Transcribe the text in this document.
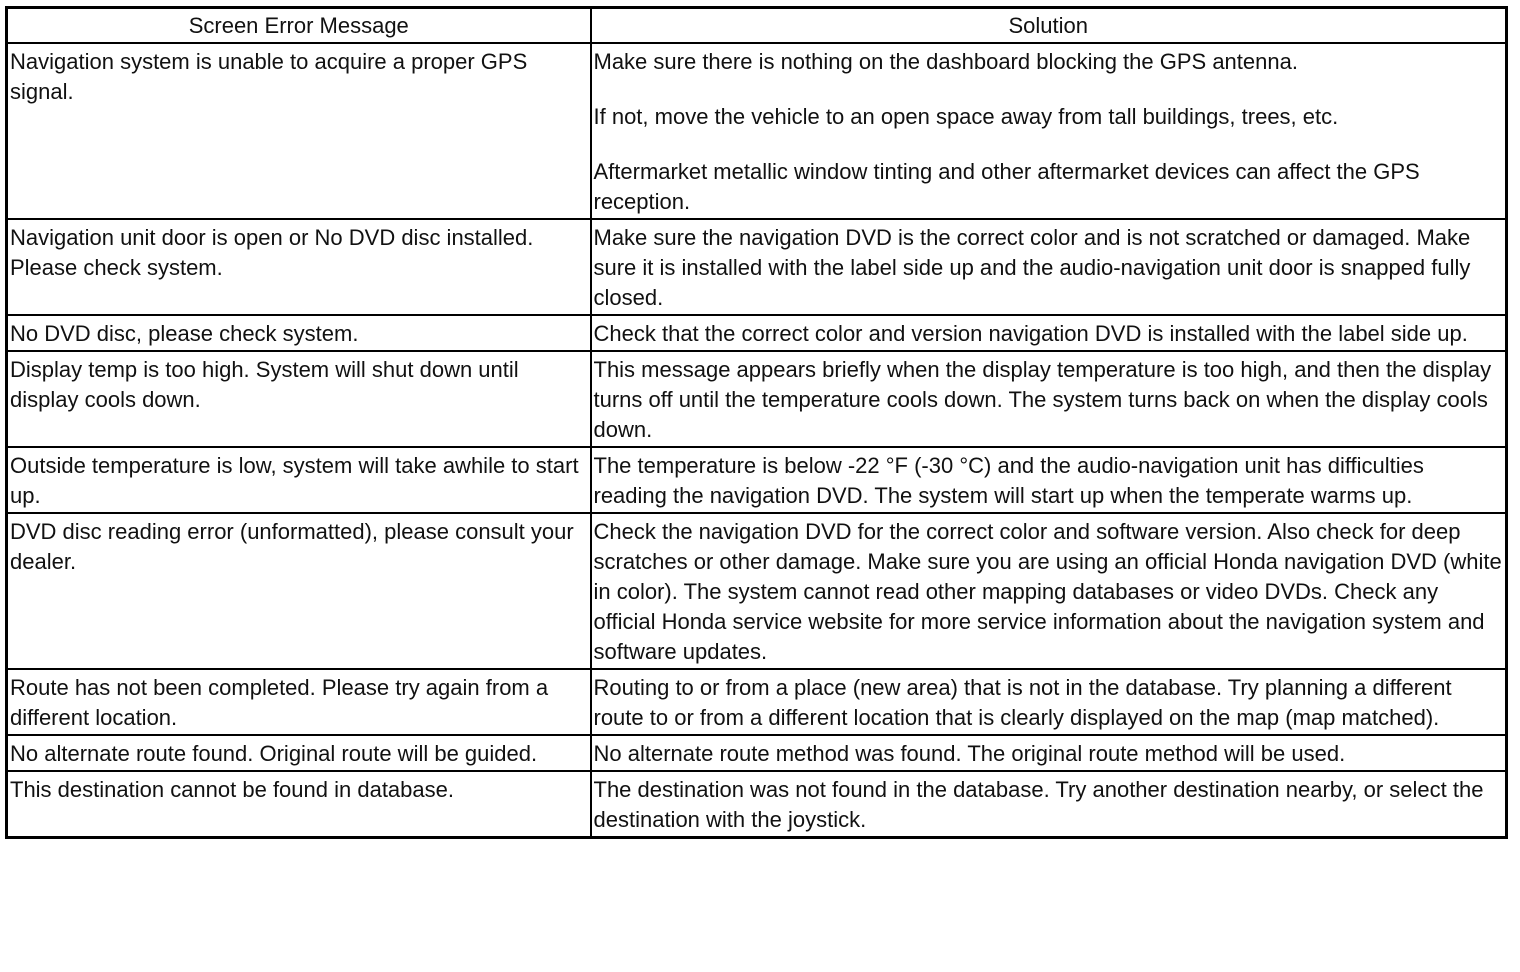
Screen Error Message	Solution
Navigation system is unable to acquire a proper GPS signal.	Make sure there is nothing on the dashboard blocking the GPS antenna.

If not, move the vehicle to an open space away from tall buildings, trees, etc.

Aftermarket metallic window tinting and other aftermarket devices can affect the GPS reception.

Navigation unit door is open or No DVD disc installed. Please check system.	Make sure the navigation DVD is the correct color and is not scratched or damaged. Make sure it is installed with the label side up and the audio-navigation unit door is snapped fully closed.

No DVD disc, please check system.	Check that the correct color and version navigation DVD is installed with the label side up.

Display temp is too high. System will shut down until display cools down.	This message appears briefly when the display temperature is too high, and then the display turns off until the temperature cools down. The system turns back on when the display cools down.

Outside temperature is low, system will take awhile to start up.	The temperature is below -22 °F (-30 °C) and the audio-navigation unit has difficulties reading the navigation DVD. The system will start up when the temperate warms up.

DVD disc reading error (unformatted), please consult your dealer.	Check the navigation DVD for the correct color and software version. Also check for deep scratches or other damage. Make sure you are using an official Honda navigation DVD (white in color). The system cannot read other mapping databases or video DVDs. Check any official Honda service website for more service information about the navigation system and software updates.

Route has not been completed. Please try again from a different location.	Routing to or from a place (new area) that is not in the database. Try planning a different route to or from a different location that is clearly displayed on the map (map matched).

No alternate route found. Original route will be guided.	No alternate route method was found. The original route method will be used.

This destination cannot be found in database.	The destination was not found in the database. Try another destination nearby, or select the destination with the joystick.
